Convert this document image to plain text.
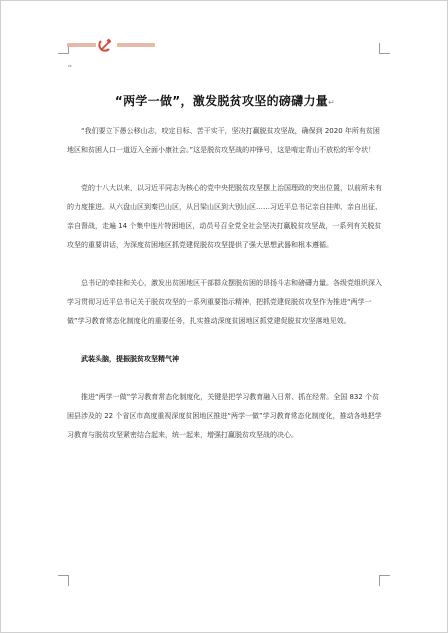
''
“两学一做”，激发脱贫攻坚的磅礴力量↵

“我们要立下愚公移山志，咬定目标、苦干实干，坚决打赢脱贫攻坚战，确保到 2020 年所有贫困地区和贫困人口一道迈入全面小康社会。”这是脱贫攻坚战的冲锋号，这是啃定青山不放松的军令状！

党的十八大以来，以习近平同志为核心的党中央把脱贫攻坚摆上治国理政的突出位置，以前所未有的力度推进。从六盘山区到秦巴山区，从吕梁山区到大别山区……习近平总书记亲自挂帅、亲自出征、亲自督战，走遍 14 个集中连片特困地区，动员号召全党全社会坚决打赢脱贫攻坚战，一系列有关脱贫攻坚的重要讲话，为深度贫困地区抓党建促脱贫攻坚提供了强大思想武器和根本遵循。

总书记的牵挂和关心，激发出贫困地区干部群众摆脱贫困的昂扬斗志和磅礴力量。各级党组织深入学习贯彻习近平总书记关于脱贫攻坚的一系列重要指示精神，把抓党建促脱贫攻坚作为推进“两学一做”学习教育常态化制度化的重要任务，扎实推动深度贫困地区抓党建促脱贫攻坚落地见效。

武装头脑，提振脱贫攻坚精气神

推进“两学一做”学习教育常态化制度化，关键是把学习教育融入日常、抓在经常。全国 832 个贫困县涉及的 22 个省区市高度重视深度贫困地区推进“两学一做”学习教育常态化制度化，推动各地把学习教育与脱贫攻坚紧密结合起来，统一起来，增强打赢脱贫攻坚战的决心。
